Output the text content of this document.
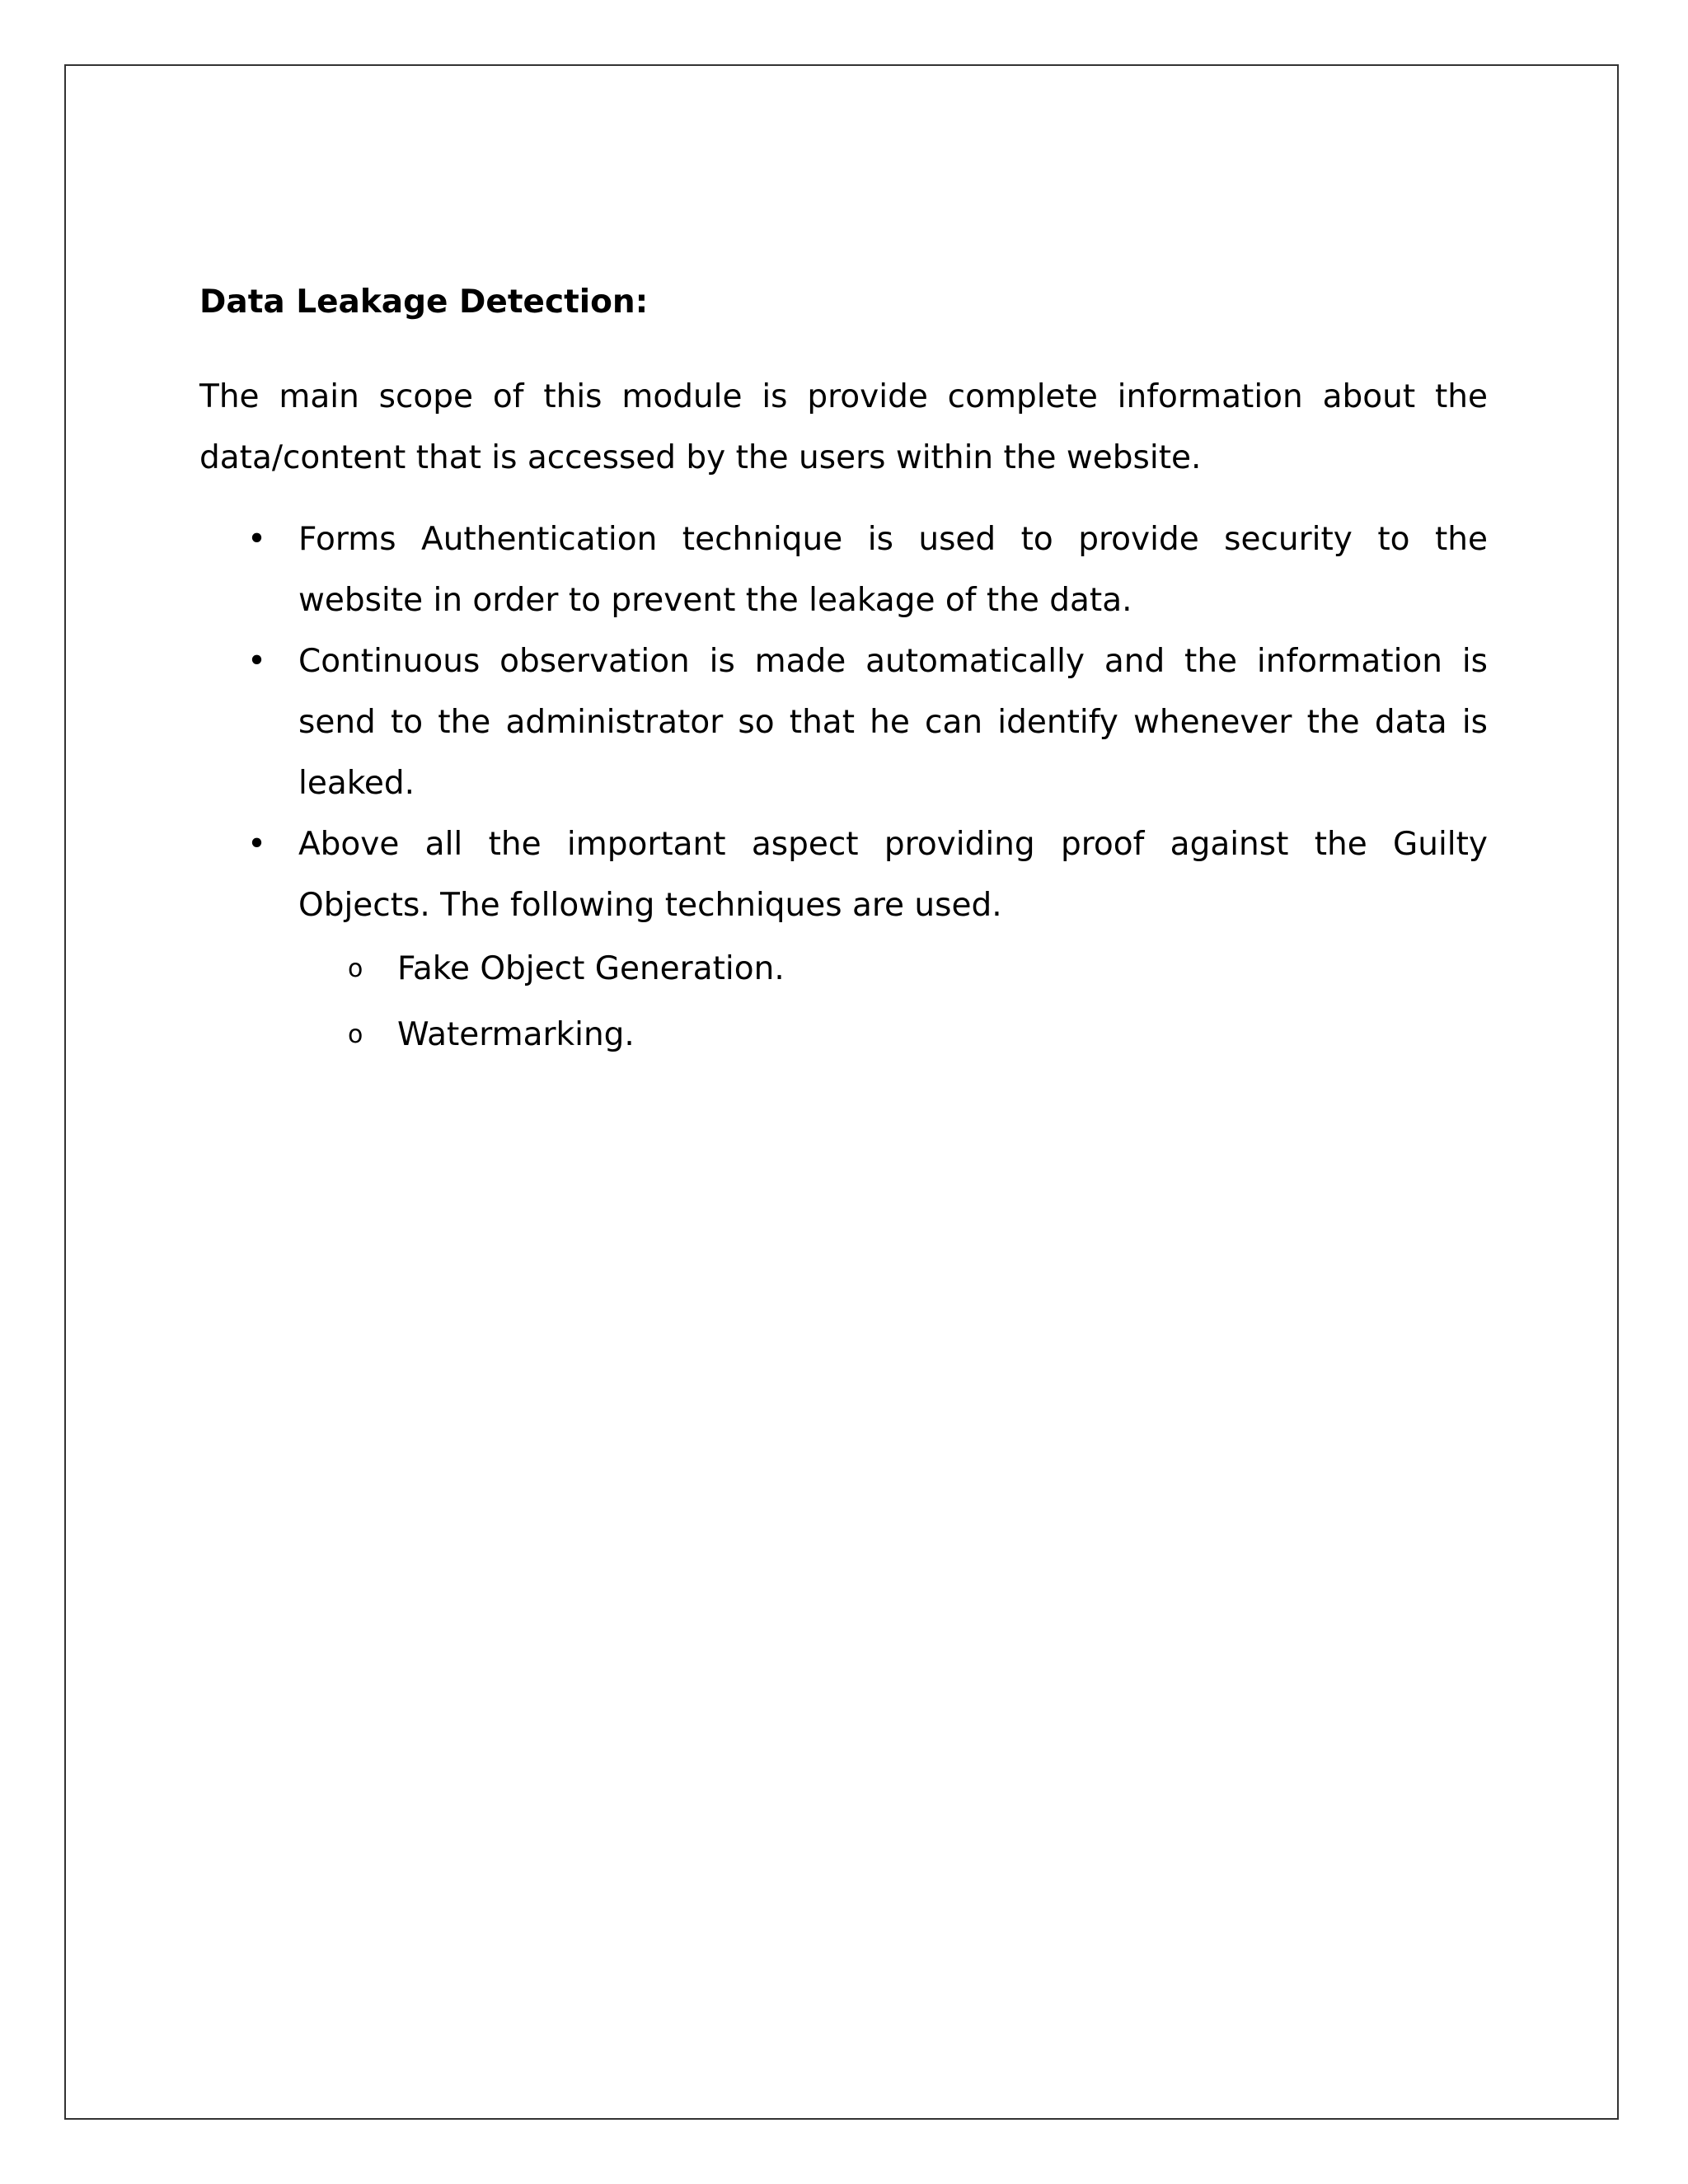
Data Leakage Detection:

The main scope of this module is provide complete information about the data/content that is accessed by the users within the website.

• Forms Authentication technique is used to provide security to the website in order to prevent the leakage of the data.
• Continuous observation is made automatically and the information is send to the administrator so that he can identify whenever the data is leaked.
• Above all the important aspect providing proof against the Guilty Objects. The following techniques are used.
o Fake Object Generation.
o Watermarking.
